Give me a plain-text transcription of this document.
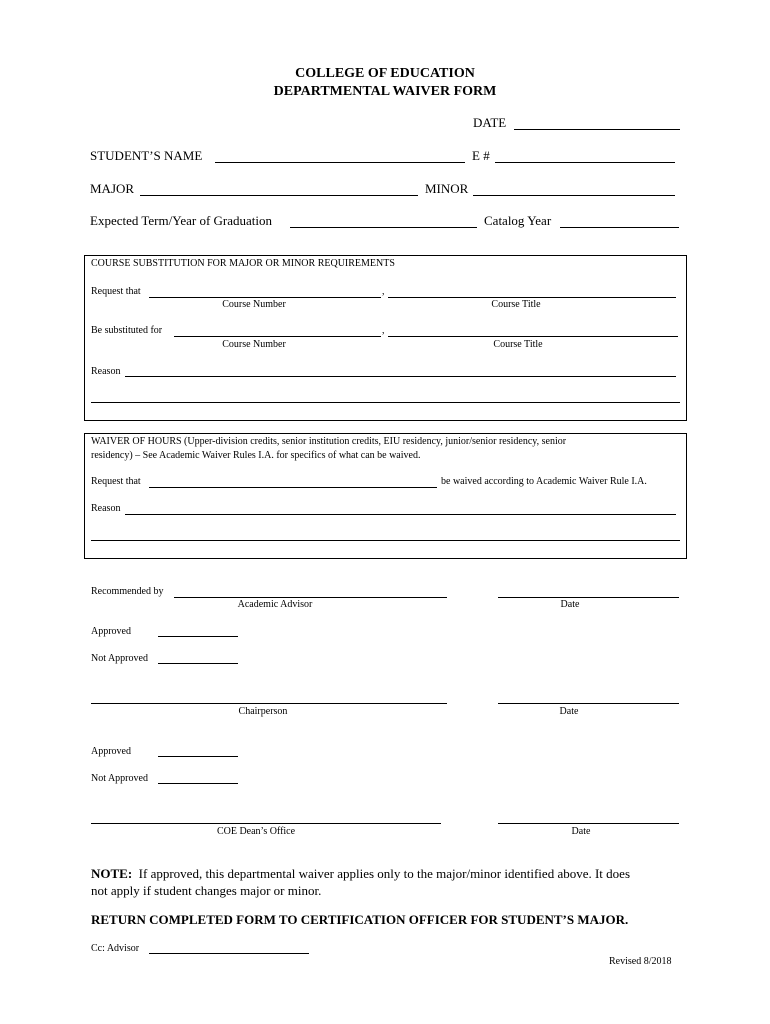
COLLEGE OF EDUCATION
DEPARTMENTAL WAIVER FORM
DATE
STUDENT’S NAME	E #
MAJOR	MINOR
Expected Term/Year of Graduation	Catalog Year
COURSE SUBSTITUTION FOR MAJOR OR MINOR REQUIREMENTS
Request that	,
Course Number	Course Title
Be substituted for	,
Course Number	Course Title
Reason
WAIVER OF HOURS (Upper-division credits, senior institution credits, EIU residency, junior/senior residency, senior
residency) – See Academic Waiver Rules I.A. for specifics of what can be waived.
Request that	be waived according to Academic Waiver Rule I.A.
Reason
Recommended by
Academic Advisor	Date
Approved
Not Approved
Chairperson	Date
Approved
Not Approved
COE Dean’s Office	Date
NOTE: If approved, this departmental waiver applies only to the major/minor identified above. It does
not apply if student changes major or minor.
RETURN COMPLETED FORM TO CERTIFICATION OFFICER FOR STUDENT’S MAJOR.
Cc: Advisor
Revised 8/2018
